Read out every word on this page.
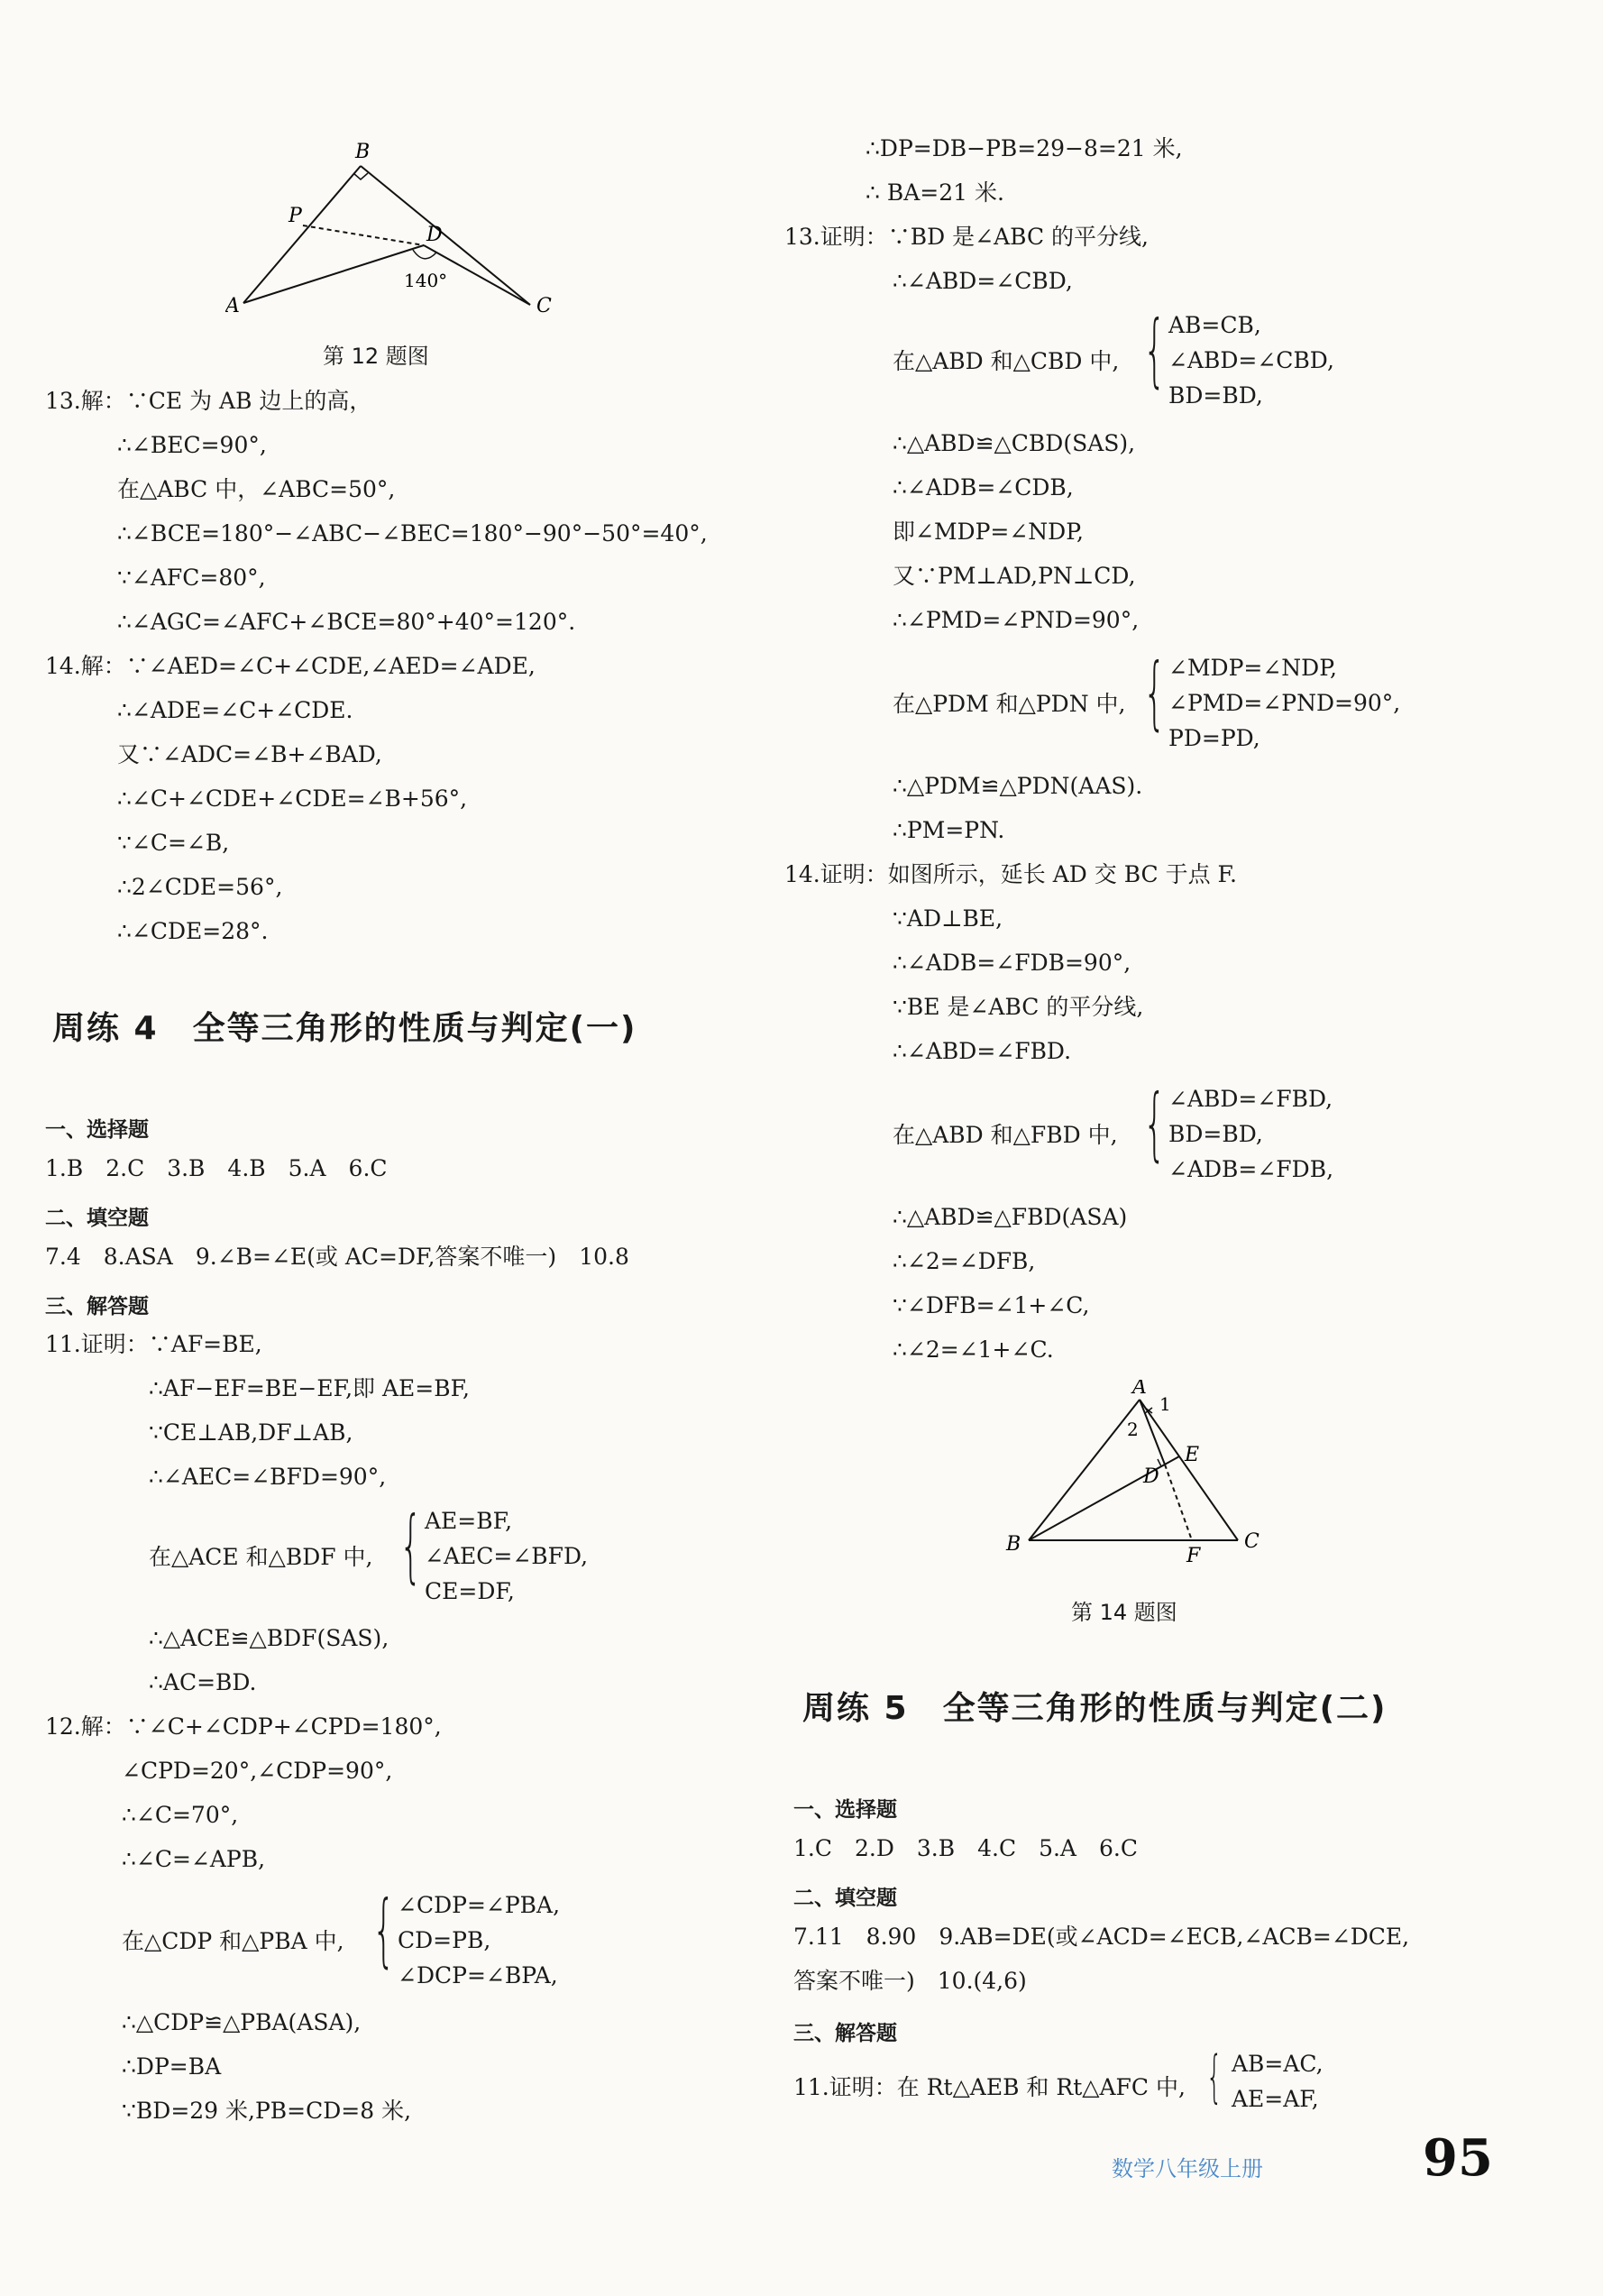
B
P
D
140°
A	C
第 12 题图
13.解：∵CE 为 AB 边上的高，
∴∠BEC=90°,
在△ABC 中，∠ABC=50°,
∴∠BCE=180°−∠ABC−∠BEC=180°−90°−50°=40°,
∵∠AFC=80°,
∴∠AGC=∠AFC+∠BCE=80°+40°=120°.
14.解：∵∠AED=∠C+∠CDE,∠AED=∠ADE,
∴∠ADE=∠C+∠CDE.
又∵∠ADC=∠B+∠BAD,
∴∠C+∠CDE+∠CDE=∠B+56°,
∵∠C=∠B,
∴2∠CDE=56°,
∴∠CDE=28°.
周练 4　全等三角形的性质与判定(一)
一、选择题
1.B　2.C　3.B　4.B　5.A　6.C
二、填空题
7.4　8.ASA　9.∠B=∠E(或 AC=DF,答案不唯一)　10.8
三、解答题
11.证明：∵AF=BE,
∴AF−EF=BE−EF,即 AE=BF,
∵CE⊥AB,DF⊥AB,
∴∠AEC=∠BFD=90°,
在△ACE 和△BDF 中, { AE=BF,
∠AEC=∠BFD,
CE=DF,
∴△ACE≌△BDF(SAS),
∴AC=BD.
12.解：∵∠C+∠CDP+∠CPD=180°,
∠CPD=20°,∠CDP=90°,
∴∠C=70°,
∴∠C=∠APB,
在△CDP 和△PBA 中, { ∠CDP=∠PBA,
CD=PB,
∠DCP=∠BPA,
∴△CDP≌△PBA(ASA),
∴DP=BA
∵BD=29 米,PB=CD=8 米,
∴DP=DB−PB=29−8=21 米,
∴ BA=21 米.
13.证明：∵BD 是∠ABC 的平分线,
∴∠ABD=∠CBD,
在△ABD 和△CBD 中, { AB=CB,
∠ABD=∠CBD,
BD=BD,
∴△ABD≌△CBD(SAS),
∴∠ADB=∠CDB,
即∠MDP=∠NDP,
又∵PM⊥AD,PN⊥CD,
∴∠PMD=∠PND=90°,
在△PDM 和△PDN 中, { ∠MDP=∠NDP,
∠PMD=∠PND=90°,
PD=PD,
∴△PDM≌△PDN(AAS).
∴PM=PN.
14.证明：如图所示，延长 AD 交 BC 于点 F.
∵AD⊥BE,
∴∠ADB=∠FDB=90°,
∵BE 是∠ABC 的平分线,
∴∠ABD=∠FBD.
在△ABD 和△FBD 中, { ∠ABD=∠FBD,
BD=BD,
∠ADB=∠FDB,
∴△ABD≌△FBD(ASA)
∴∠2=∠DFB,
∵∠DFB=∠1+∠C,
∴∠2=∠1+∠C.
A
1
2
E
D
B
F
C
第 14 题图
周练 5　全等三角形的性质与判定(二)
一、选择题
1.C　2.D　3.B　4.C　5.A　6.C
二、填空题
7.11　8.90　9.AB=DE(或∠ACD=∠ECB,∠ACB=∠DCE,
答案不唯一)　10.(4,6)
三、解答题
11.证明：在 Rt△AEB 和 Rt△AFC 中, { AB=AC,
AE=AF,
数学八年级上册	95
